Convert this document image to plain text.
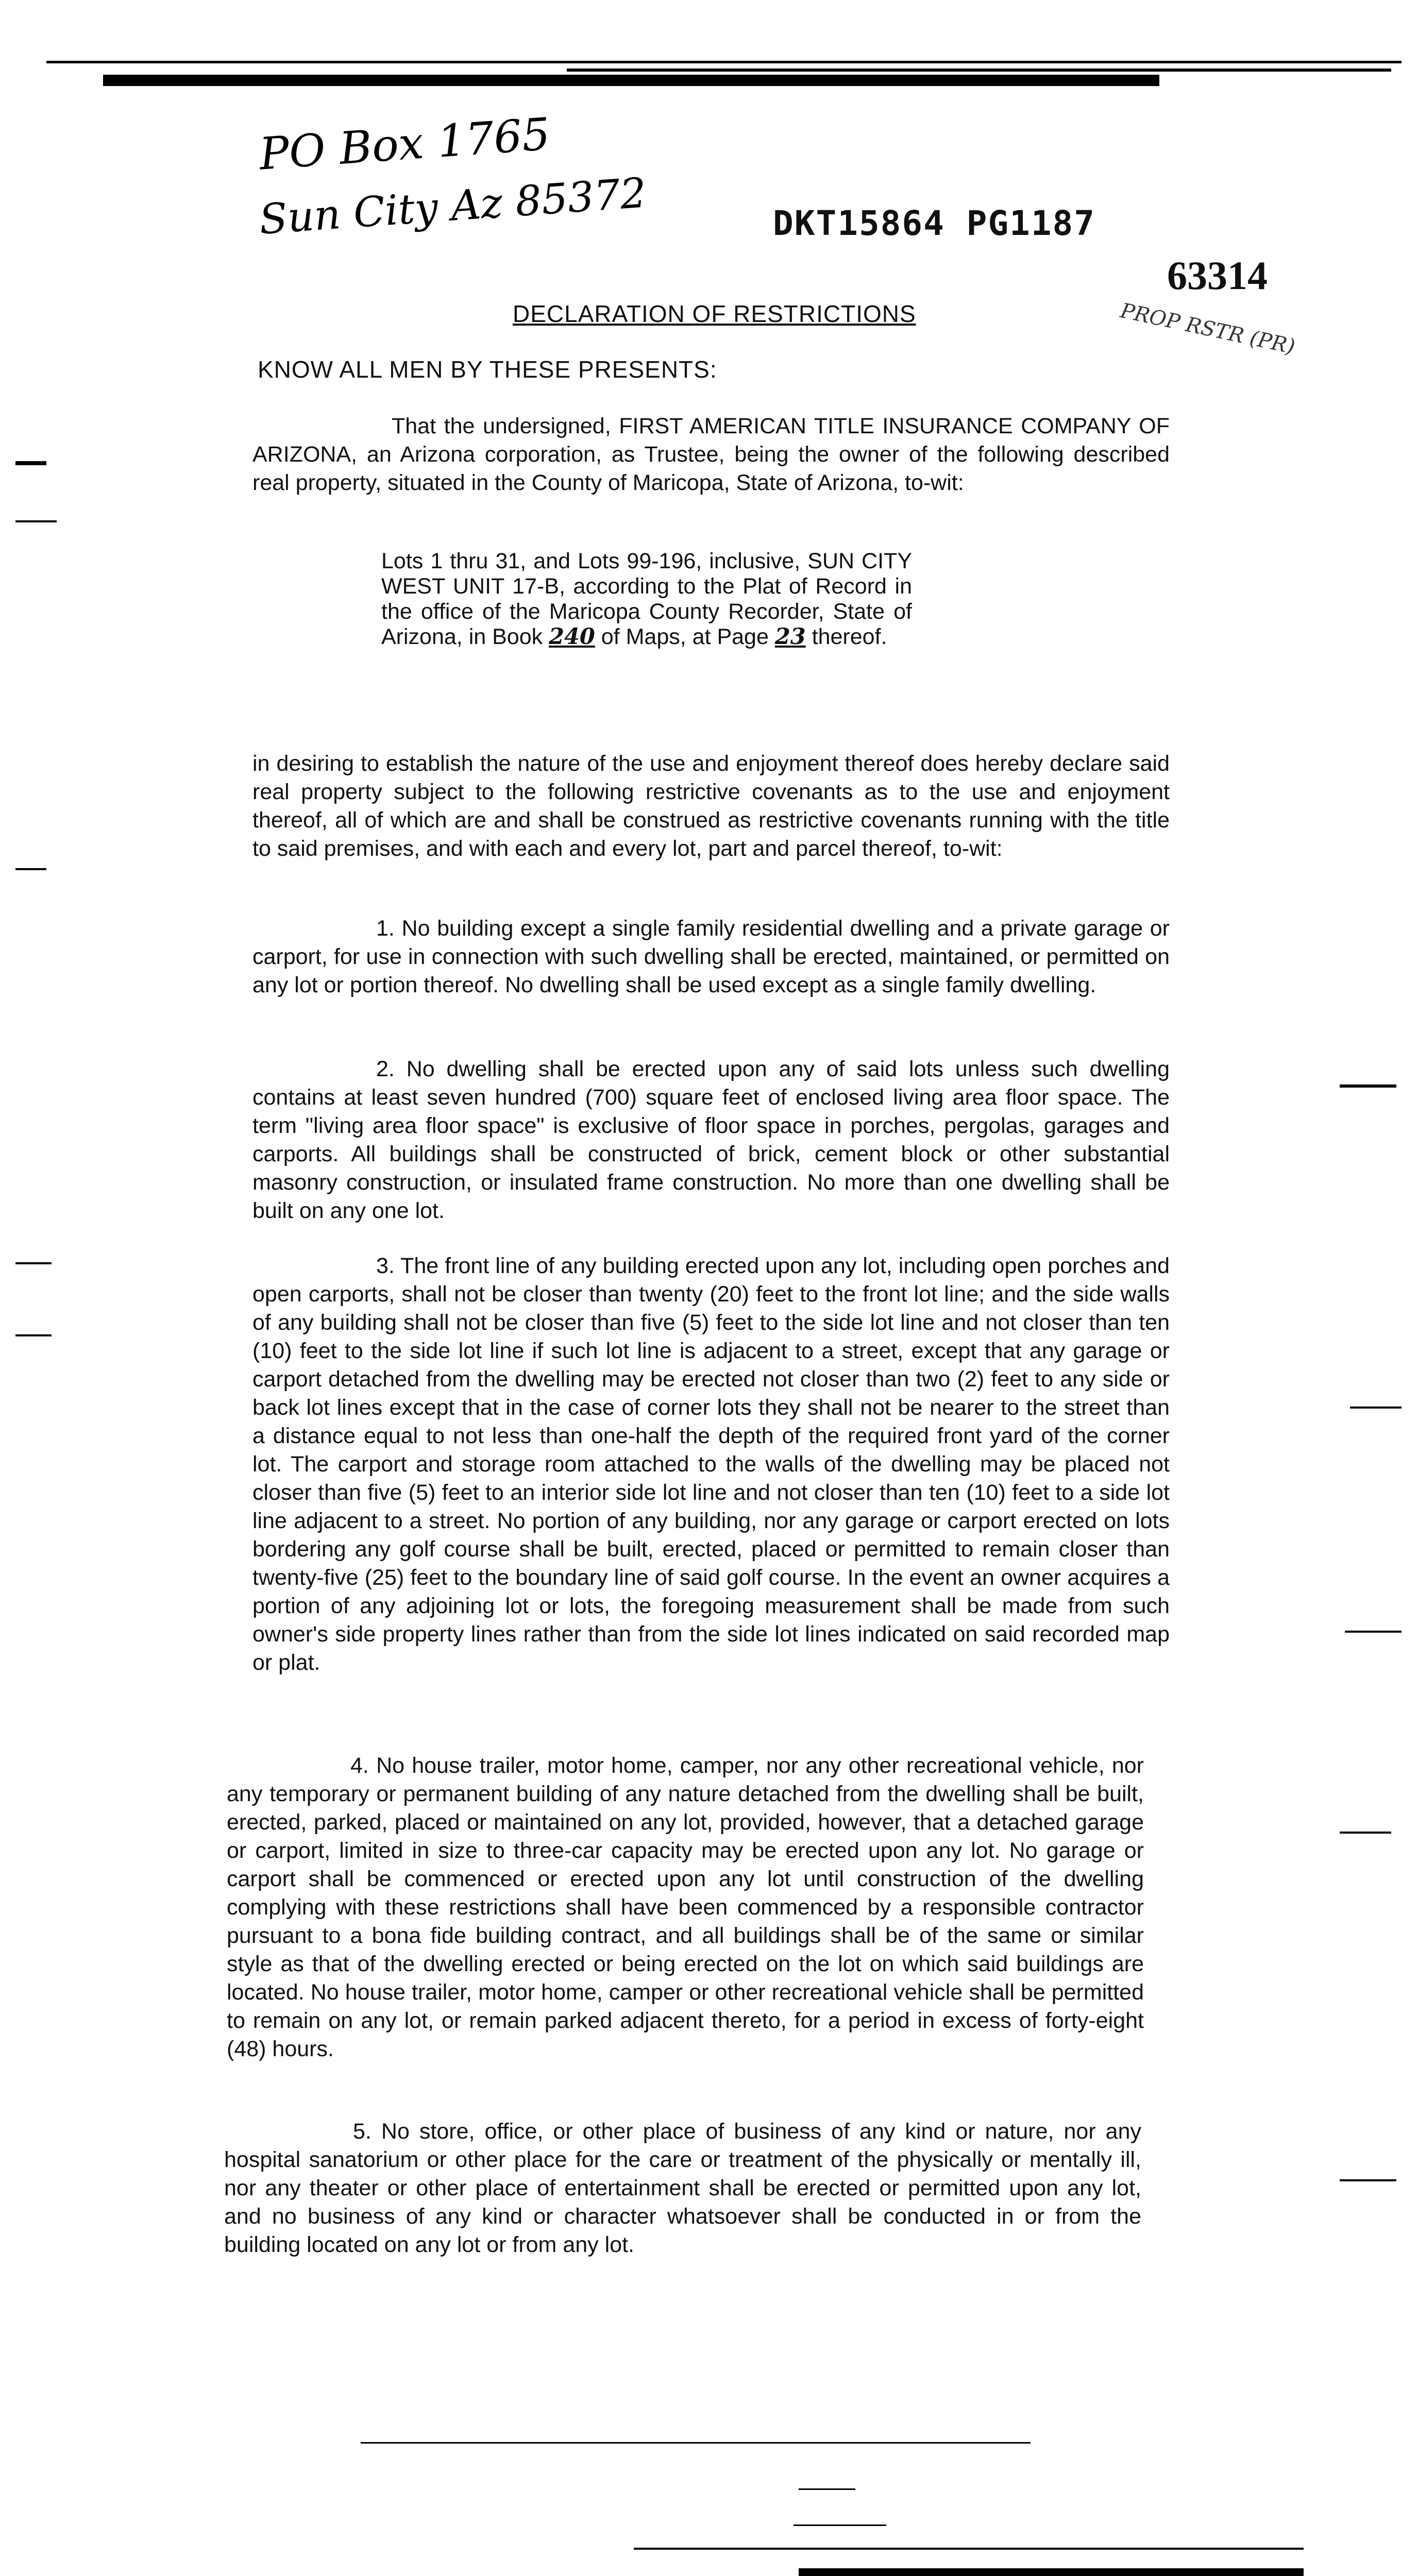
PO Box 1765
Sun City Az 85372	DKT15864 PG1187
63314
PROP RSTR (PR)
DECLARATION OF RESTRICTIONS
KNOW ALL MEN BY THESE PRESENTS:
That the undersigned, FIRST AMERICAN TITLE INSURANCE COMPANY OF ARIZONA, an Arizona corporation, as Trustee, being the owner of the following described real property, situated in the County of Maricopa, State of Arizona, to-wit:
Lots 1 thru 31, and Lots 99-196, inclusive, SUN CITY WEST UNIT 17-B, according to the Plat of Record in the office of the Maricopa County Recorder, State of Arizona, in Book 240 of Maps, at Page 23 thereof.
in desiring to establish the nature of the use and enjoyment thereof does hereby declare said real property subject to the following restrictive covenants as to the use and enjoyment thereof, all of which are and shall be construed as restrictive covenants running with the title to said premises, and with each and every lot, part and parcel thereof, to-wit:
1. No building except a single family residential dwelling and a private garage or carport, for use in connection with such dwelling shall be erected, maintained, or permitted on any lot or portion thereof. No dwelling shall be used except as a single family dwelling.
2. No dwelling shall be erected upon any of said lots unless such dwelling contains at least seven hundred (700) square feet of enclosed living area floor space. The term "living area floor space" is exclusive of floor space in porches, pergolas, garages and carports. All buildings shall be constructed of brick, cement block or other substantial masonry construction, or insulated frame construction. No more than one dwelling shall be built on any one lot.
3. The front line of any building erected upon any lot, including open porches and open carports, shall not be closer than twenty (20) feet to the front lot line; and the side walls of any building shall not be closer than five (5) feet to the side lot line and not closer than ten (10) feet to the side lot line if such lot line is adjacent to a street, except that any garage or carport detached from the dwelling may be erected not closer than two (2) feet to any side or back lot lines except that in the case of corner lots they shall not be nearer to the street than a distance equal to not less than one-half the depth of the required front yard of the corner lot. The carport and storage room attached to the walls of the dwelling may be placed not closer than five (5) feet to an interior side lot line and not closer than ten (10) feet to a side lot line adjacent to a street. No portion of any building, nor any garage or carport erected on lots bordering any golf course shall be built, erected, placed or permitted to remain closer than twenty-five (25) feet to the boundary line of said golf course. In the event an owner acquires a portion of any adjoining lot or lots, the foregoing measurement shall be made from such owner's side property lines rather than from the side lot lines indicated on said recorded map or plat.
4. No house trailer, motor home, camper, nor any other recreational vehicle, nor any temporary or permanent building of any nature detached from the dwelling shall be built, erected, parked, placed or maintained on any lot, provided, however, that a detached garage or carport, limited in size to three-car capacity may be erected upon any lot. No garage or carport shall be commenced or erected upon any lot until construction of the dwelling complying with these restrictions shall have been commenced by a responsible contractor pursuant to a bona fide building contract, and all buildings shall be of the same or similar style as that of the dwelling erected or being erected on the lot on which said buildings are located. No house trailer, motor home, camper or other recreational vehicle shall be permitted to remain on any lot, or remain parked adjacent thereto, for a period in excess of forty-eight (48) hours.
5. No store, office, or other place of business of any kind or nature, nor any hospital sanatorium or other place for the care or treatment of the physically or mentally ill, nor any theater or other place of entertainment shall be erected or permitted upon any lot, and no business of any kind or character whatsoever shall be conducted in or from the building located on any lot or from any lot.
